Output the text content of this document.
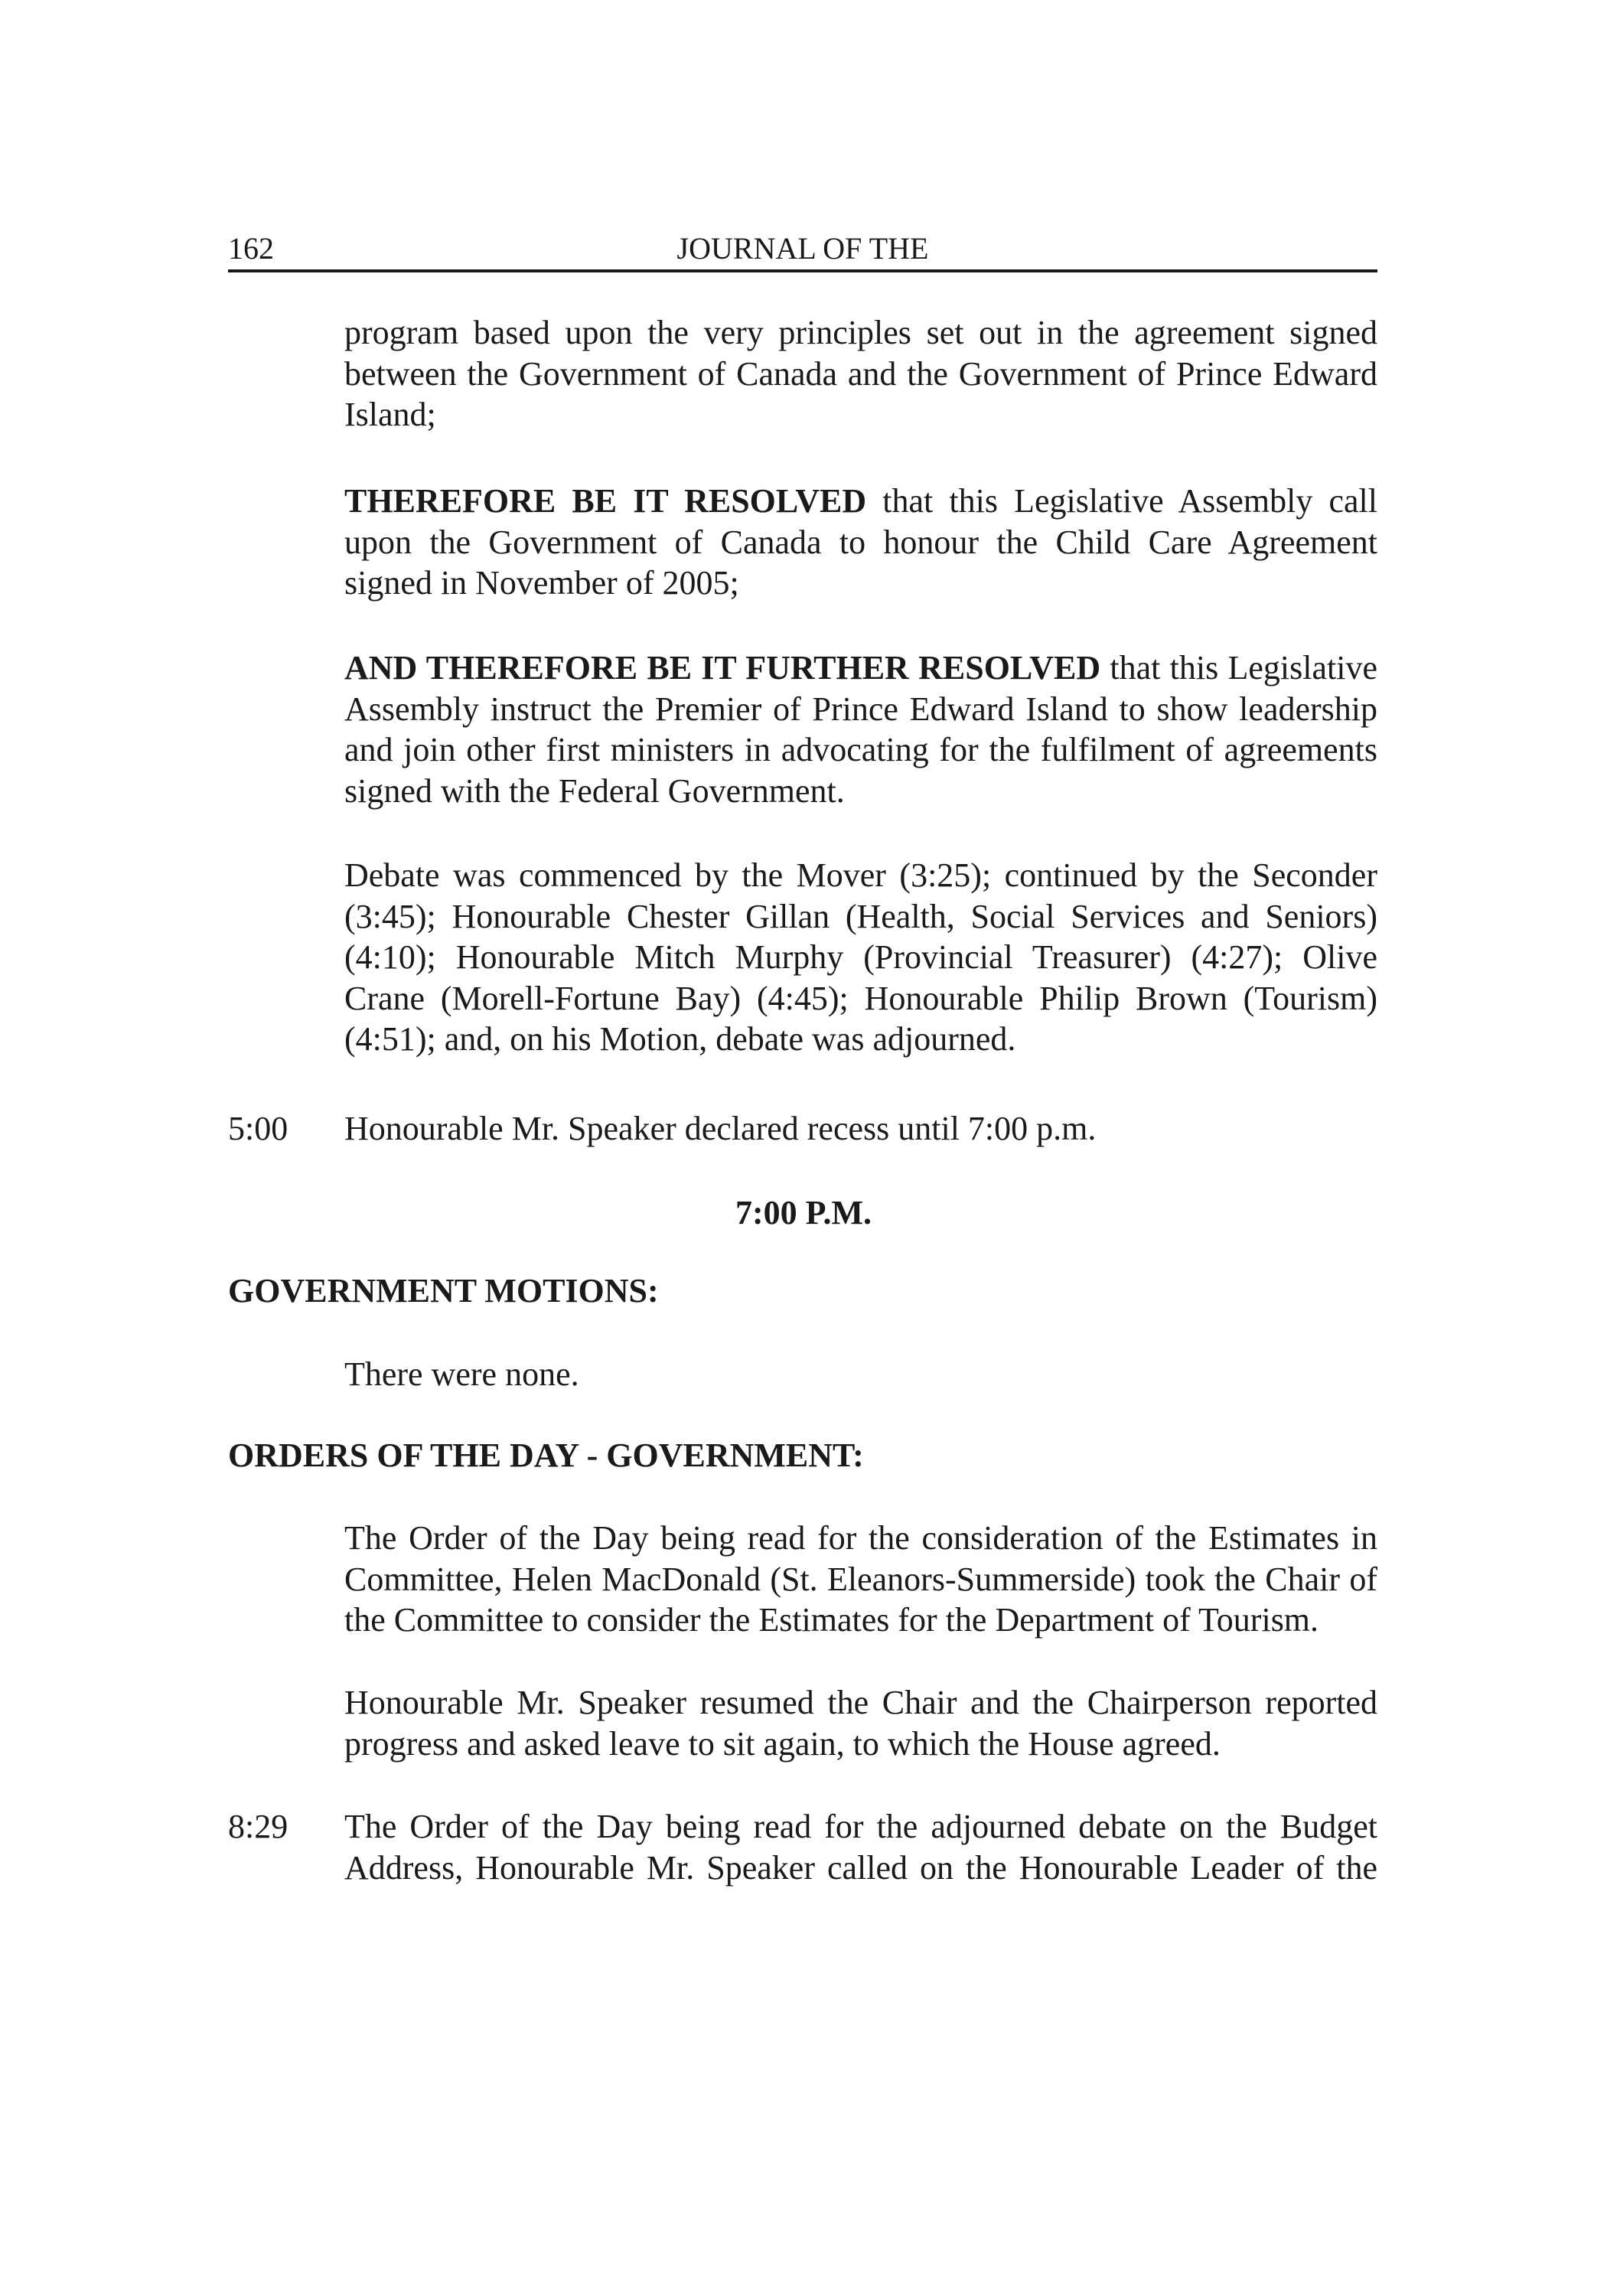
162	JOURNAL OF THE
program based upon the very principles set out in the agreement signed between the Government of Canada and the Government of Prince Edward Island;
THEREFORE BE IT RESOLVED that this Legislative Assembly call upon the Government of Canada to honour the Child Care Agreement signed in November of 2005;
AND THEREFORE BE IT FURTHER RESOLVED that this Legislative Assembly instruct the Premier of Prince Edward Island to show leadership and join other first ministers in advocating for the fulfilment of agreements signed with the Federal Government.
Debate was commenced by the Mover (3:25); continued by the Seconder (3:45); Honourable Chester Gillan (Health, Social Services and Seniors) (4:10); Honourable Mitch Murphy (Provincial Treasurer) (4:27); Olive Crane (Morell-Fortune Bay) (4:45); Honourable Philip Brown (Tourism) (4:51); and, on his Motion, debate was adjourned.
5:00 Honourable Mr. Speaker declared recess until 7:00 p.m.
7:00 P.M.
GOVERNMENT MOTIONS:
There were none.
ORDERS OF THE DAY - GOVERNMENT:
The Order of the Day being read for the consideration of the Estimates in Committee, Helen MacDonald (St. Eleanors-Summerside) took the Chair of the Committee to consider the Estimates for the Department of Tourism.
Honourable Mr. Speaker resumed the Chair and the Chairperson reported progress and asked leave to sit again, to which the House agreed.
8:29 The Order of the Day being read for the adjourned debate on the Budget Address, Honourable Mr. Speaker called on the Honourable Leader of the
